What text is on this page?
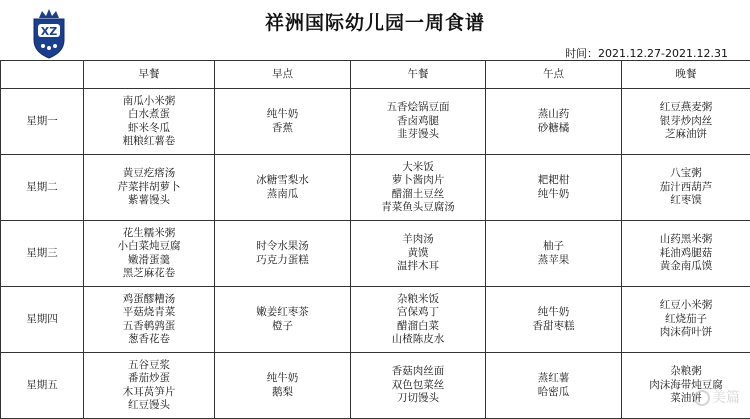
XZ	祥洲国际幼儿园一周食谱
时间：2021.12.27-2021.12.31
	早餐	早点	午餐	午点	晚餐
星期一	南瓜小米粥
白水煮蛋
虾米冬瓜
粗粮红薯卷	纯牛奶
香蕉	五香烩锅豆面
香卤鸡腿
韭芽馒头	蒸山药
砂糖橘	红豆燕麦粥
银芽炒肉丝
芝麻油饼

星期二	黄豆疙瘩汤
芹菜拌胡萝卜
紫薯馒头	冰糖雪梨水
蒸南瓜	大米饭
萝卜酱肉片
醋溜土豆丝
青菜鱼头豆腐汤	耙耙柑
纯牛奶	八宝粥
茄汁西葫芦
红枣馍

星期三	花生糯米粥
小白菜炖豆腐
嫩滑蛋羹
黑芝麻花卷	时令水果汤
巧克力蛋糕	羊肉汤
黄馍
温拌木耳	柚子
蒸苹果	山药黑米粥
耗油鸡腿菇
黄金南瓜馍

星期四	鸡蛋醪糟汤
平菇烧青菜
五香鹌鹑蛋
葱香花卷	嫩姜红枣茶
橙子	杂粮米饭
宫保鸡丁
醋溜白菜
山楂陈皮水	纯牛奶
香甜枣糕	红豆小米粥
红烧茄子
肉沫荷叶饼

星期五	五谷豆浆
番茄炒蛋
木耳莴笋片
红豆馒头	纯牛奶
鹅梨	香菇肉丝面
双色包菜丝
刀切馒头	蒸红薯
哈密瓜	杂粮粥
肉沫海带炖豆腐
菜油饼 美篇
